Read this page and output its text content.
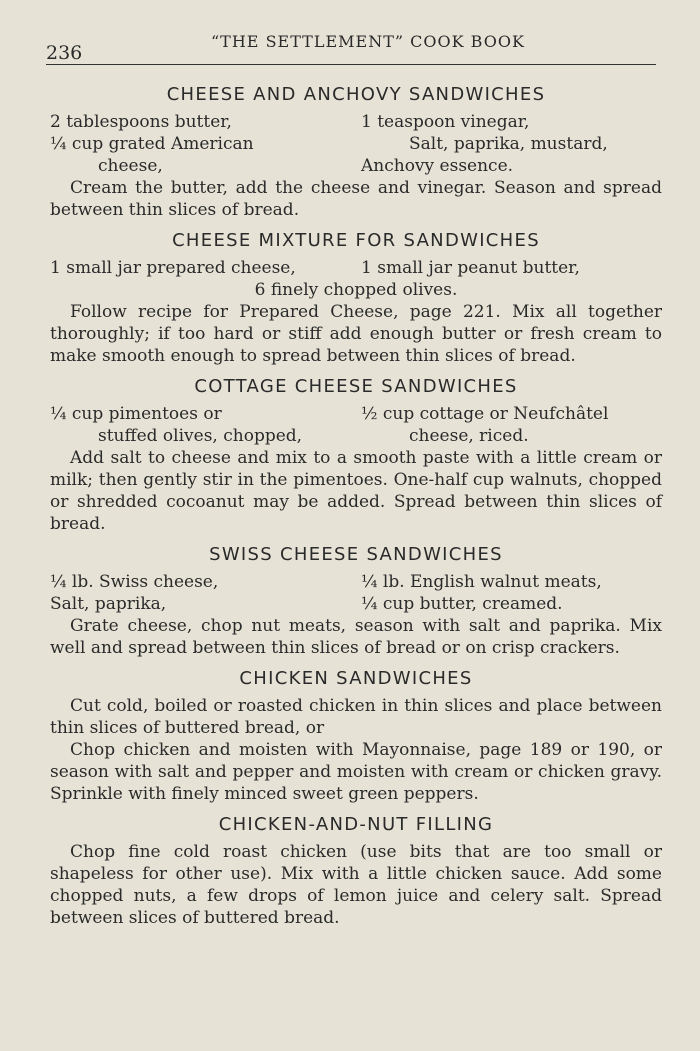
236
“THE SETTLEMENT” COOK BOOK
CHEESE AND ANCHOVY SANDWICHES
2 tablespoons butter,
¼ cup grated American
cheese,
1 teaspoon vinegar,
Salt, paprika, mustard,
Anchovy essence.

Cream the butter, add the cheese and vinegar. Season and spread between thin slices of bread.

CHEESE MIXTURE FOR SANDWICHES
1 small jar prepared cheese,	1 small jar peanut butter,
6 finely chopped olives.

Follow recipe for Prepared Cheese, page 221. Mix all together thoroughly; if too hard or stiff add enough butter or fresh cream to make smooth enough to spread between thin slices of bread.

COTTAGE CHEESE SANDWICHES
¼ cup pimentoes or
stuffed olives, chopped,
½ cup cottage or Neufchâtel
cheese, riced.

Add salt to cheese and mix to a smooth paste with a little cream or milk; then gently stir in the pimentoes. One-half cup walnuts, chopped or shredded cocoanut may be added. Spread between thin slices of bread.

SWISS CHEESE SANDWICHES
¼ lb. Swiss cheese,
Salt, paprika,
¼ lb. English walnut meats,
¼ cup butter, creamed.

Grate cheese, chop nut meats, season with salt and paprika. Mix well and spread between thin slices of bread or on crisp crackers.

CHICKEN SANDWICHES

Cut cold, boiled or roasted chicken in thin slices and place between thin slices of buttered bread, or

Chop chicken and moisten with Mayonnaise, page 189 or 190, or season with salt and pepper and moisten with cream or chicken gravy. Sprinkle with finely minced sweet green peppers.

CHICKEN-AND-NUT FILLING

Chop fine cold roast chicken (use bits that are too small or shapeless for other use). Mix with a little chicken sauce. Add some chopped nuts, a few drops of lemon juice and celery salt. Spread between slices of buttered bread.
